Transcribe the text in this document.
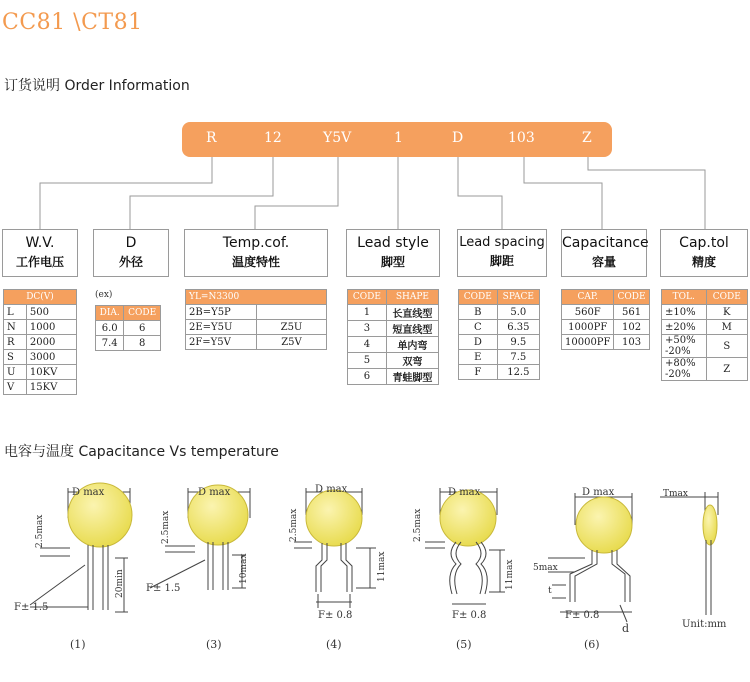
CC81 \CT81
订货说明 Order Information
R	12	Y5V	1	D	103	Z
W.V.
工作电压
D
外径
Temp.cof.
温度特性
Lead style
脚型
Lead spacing
脚距
Capacitance
容量
Cap.tol
精度
DC(V)	
L	500
N	1000
R	2000
S	3000
U	10KV
V	15KV
(ex)
DIA.	CODE
6.0	6
7.4	8
YL=N3300	
2B=Y5P	
2E=Y5U	Z5U
2F=Y5V	Z5V
CODE	SHAPE
1	长直线型
3	短直线型
4	单内弯
5	双弯
6	青蛙脚型
CODE	SPACE
B	5.0
C	6.35
D	9.5
E	7.5
F	12.5
CAP.	CODE
560F	561
1000PF	102
10000PF	103
TOL.	CODE
±10%	K
±20%	M

+50%
-20%	S

+80%
-20%	Z
电容与温度 Capacitance Vs temperature
D max	D max	D max	D max	D max	Tmax
2.5max	2.5max	2.5max	2.5max
20min	10max	11max	11max 5max
t
d
F± 1.5
F± 1.5
F± 0.8	F± 0.8	F± 0.8
Unit:mm
(1)	(3)	(4)	(5)	(6)
